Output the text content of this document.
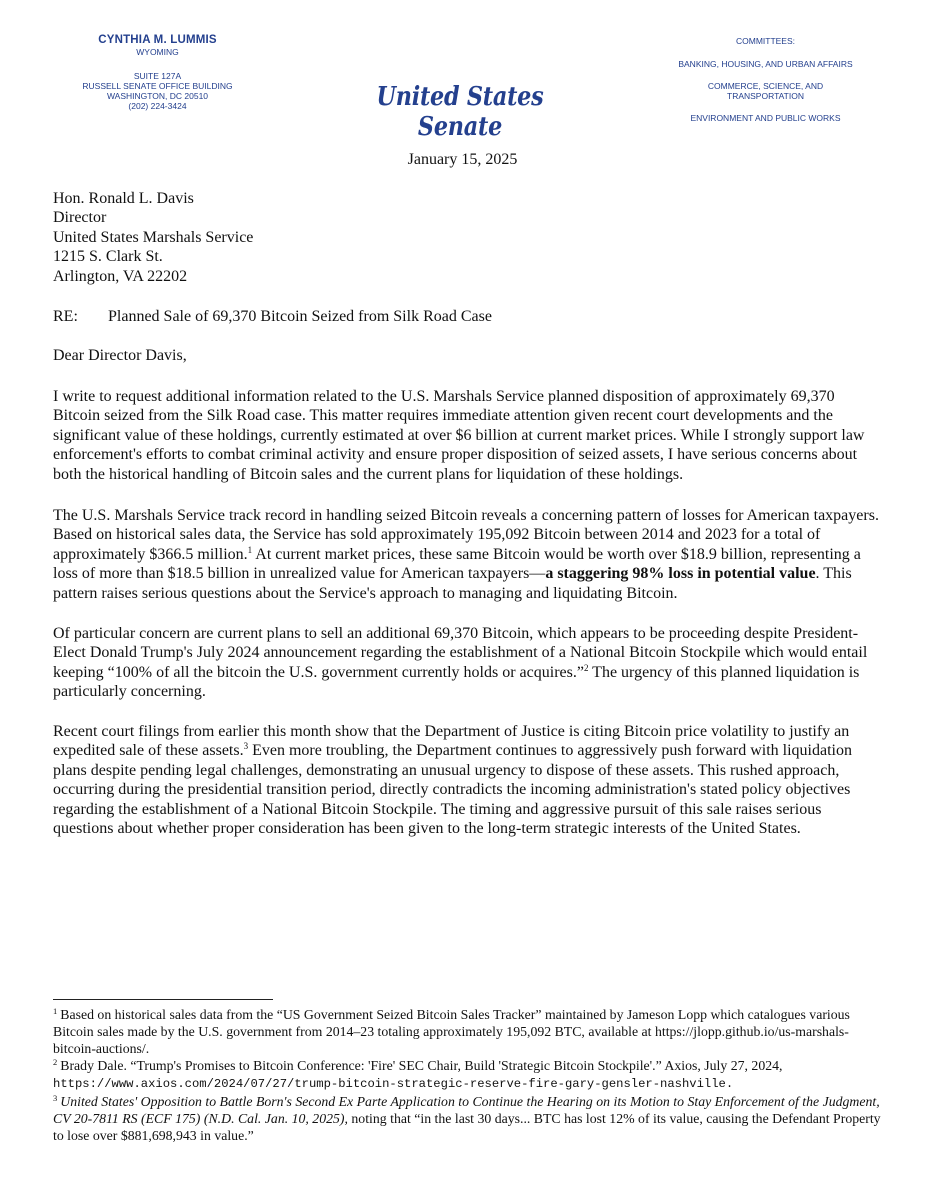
CYNTHIA M. LUMMIS
WYOMING
SUITE 127A
RUSSELL SENATE OFFICE BUILDING
WASHINGTON, DC 20510
(202) 224-3424	United States Senate
COMMITTEES:
BANKING, HOUSING, AND URBAN AFFAIRS
COMMERCE, SCIENCE, AND TRANSPORTATION
ENVIRONMENT AND PUBLIC WORKS
January 15, 2025
Hon. Ronald L. Davis
Director
United States Marshals Service
1215 S. Clark St.
Arlington, VA 22202
RE: Planned Sale of 69,370 Bitcoin Seized from Silk Road Case
Dear Director Davis,

I write to request additional information related to the U.S. Marshals Service planned disposition of approximately 69,370 Bitcoin seized from the Silk Road case. This matter requires immediate attention given recent court developments and the significant value of these holdings, currently estimated at over $6 billion at current market prices. While I strongly support law enforcement's efforts to combat criminal activity and ensure proper disposition of seized assets, I have serious concerns about both the historical handling of Bitcoin sales and the current plans for liquidation of these holdings.

The U.S. Marshals Service track record in handling seized Bitcoin reveals a concerning pattern of losses for American taxpayers. Based on historical sales data, the Service has sold approximately 195,092 Bitcoin between 2014 and 2023 for a total of approximately $366.5 million.$^1$ At current market prices, these same Bitcoin would be worth over $18.9 billion, representing a loss of more than $18.5 billion in unrealized value for American taxpayers—a staggering 98% loss in potential value. This pattern raises serious questions about the Service's approach to managing and liquidating Bitcoin.

Of particular concern are current plans to sell an additional 69,370 Bitcoin, which appears to be proceeding despite President-Elect Donald Trump's July 2024 announcement regarding the establishment of a National Bitcoin Stockpile which would entail keeping “100% of all the bitcoin the U.S. government currently holds or acquires.”$^2$ The urgency of this planned liquidation is particularly concerning.

Recent court filings from earlier this month show that the Department of Justice is citing Bitcoin price volatility to justify an expedited sale of these assets.$^3$ Even more troubling, the Department continues to aggressively push forward with liquidation plans despite pending legal challenges, demonstrating an unusual urgency to dispose of these assets. This rushed approach, occurring during the presidential transition period, directly contradicts the incoming administration's stated policy objectives regarding the establishment of a National Bitcoin Stockpile. The timing and aggressive pursuit of this sale raises serious questions about whether proper consideration has been given to the long-term strategic interests of the United States.

$^1$ Based on historical sales data from the “US Government Seized Bitcoin Sales Tracker” maintained by Jameson Lopp which catalogues various Bitcoin sales made by the U.S. government from 2014–23 totaling approximately 195,092 BTC, available at https://jlopp.github.io/us-marshals-bitcoin-auctions/.

$^2$ Brady Dale. “Trump's Promises to Bitcoin Conference: 'Fire' SEC Chair, Build 'Strategic Bitcoin Stockpile'.” Axios, July 27, 2024,
https://www.axios.com/2024/07/27/trump-bitcoin-strategic-reserve-fire-gary-gensler-nashville.

$^3$ United States' Opposition to Battle Born's Second Ex Parte Application to Continue the Hearing on its Motion to Stay Enforcement of the Judgment, CV 20-7811 RS (ECF 175) (N.D. Cal. Jan. 10, 2025), noting that “in the last 30 days... BTC has lost 12% of its value, causing the Defendant Property to lose over $881,698,943 in value.”
